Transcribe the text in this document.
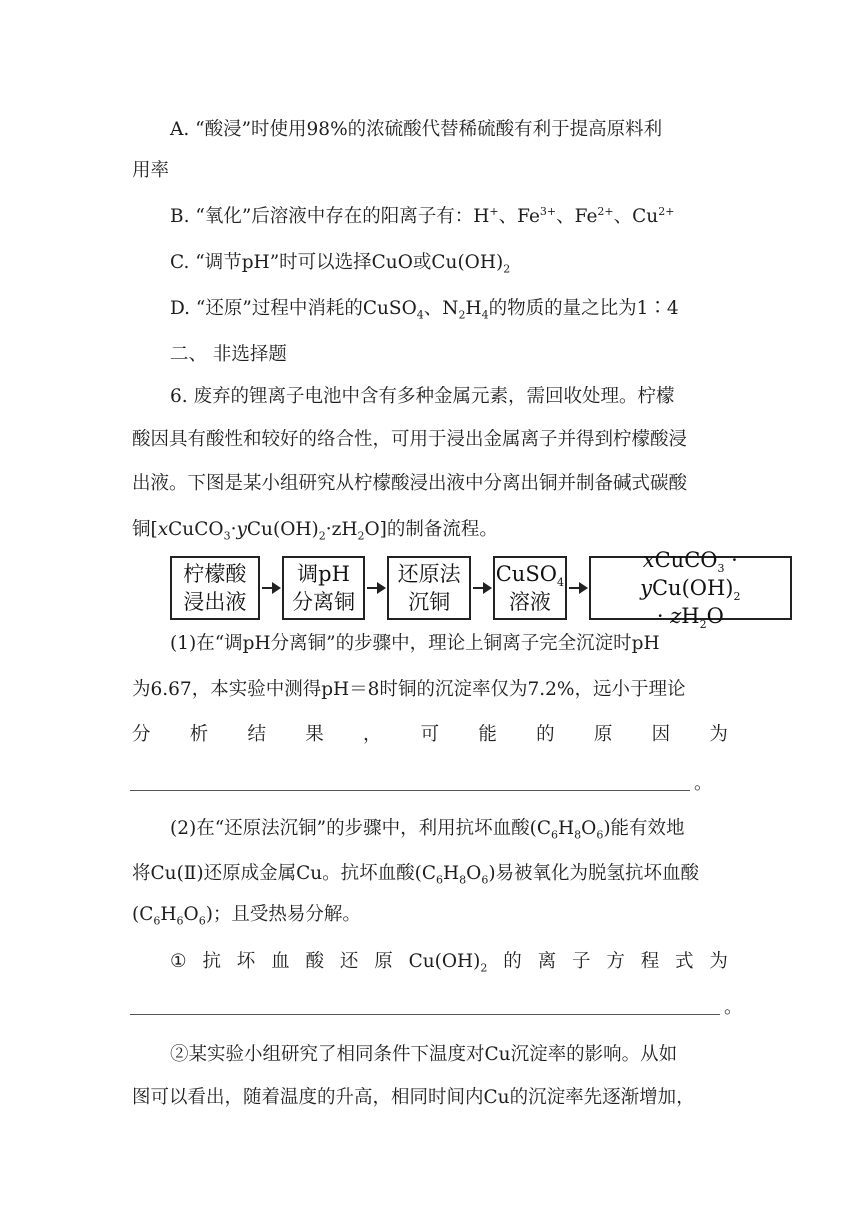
A. “酸浸”时使用98%的浓硫酸代替稀硫酸有利于提高原料利
用率
B. “氧化”后溶液中存在的阳离子有：H+、$Fe^{3+}$、$Fe^{2+}$、$Cu^{2+}$
C. “调节pH”时可以选择CuO或$Cu(OH)_2$
D. “还原”过程中消耗的CuSO$_4$、$N_2H_4$的物质的量之比为1∶4
二、 非选择题
6. 废弃的锂离子电池中含有多种金属元素，需回收处理。柠檬
酸因具有酸性和较好的络合性，可用于浸出金属离子并得到柠檬酸浸
出液。下图是某小组研究从柠檬酸浸出液中分离出铜并制备碱式碳酸
铜$[xCuCO_3\cdot yCu(OH)_2\cdot zH_2O]$的制备流程。
柠檬酸
浸出液
调pH
分离铜
还原法
沉铜
CuSO$_4$
溶液
xCuCO$_3$ · $yCu(OH)_2$
· $zH_2O$
(1)在“调pH分离铜”的步骤中，理论上铜离子完全沉淀时pH
为6.67，本实验中测得pH＝8时铜的沉淀率仅为7.2%，远小于理论
分 析 结 果 ， 可 能 的 原 因 为
。
(2)在“还原法沉铜”的步骤中，利用抗坏血酸$(C_6H_8O_6)$能有效地
将Cu(Ⅱ)还原成金属Cu。抗坏血酸$(C_6H_8O_6)$易被氧化为脱氢抗坏血酸
$(C_6H_6O_6)$；且受热易分解。
① 抗 坏 血 酸 还 原 $Cu(OH)_2$ 的 离 子 方 程 式 为
。
②某实验小组研究了相同条件下温度对Cu沉淀率的影响。从如
图可以看出，随着温度的升高，相同时间内Cu的沉淀率先逐渐增加，
